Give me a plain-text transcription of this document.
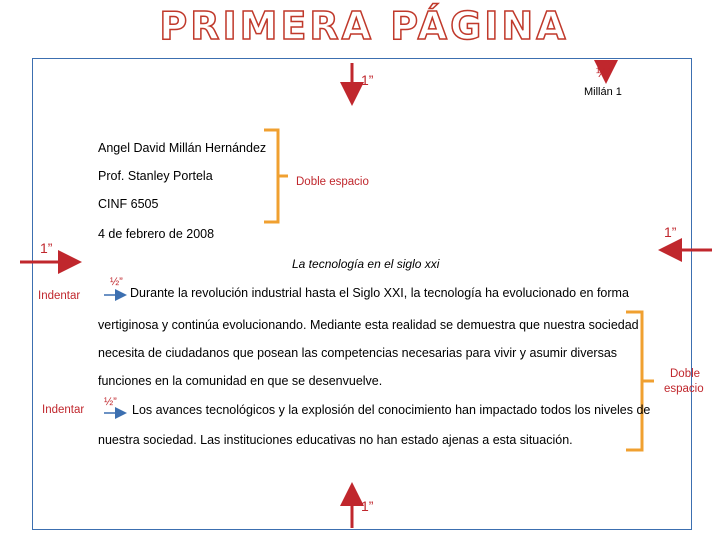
PRIMERA PÁGINA
1”
1”
1”
1”
½”
Millán 1
Angel David Millán Hernández
Prof. Stanley Portela
CINF 6505
4 de febrero de 2008
Doble espacio
La tecnología en el siglo xxi
½”
Indentar
½”
Indentar
Durante la revolución industrial hasta el Siglo XXI, la tecnología ha evolucionado en forma
vertiginosa y continúa evolucionando. Mediante esta realidad se demuestra que nuestra sociedad
necesita de ciudadanos que posean las competencias necesarias para vivir y asumir diversas
funciones en la comunidad en que se desenvuelve.
Los avances tecnológicos y la explosión del conocimiento han impactado todos los niveles de
nuestra sociedad. Las instituciones educativas no han estado ajenas a esta situación.
Doble
espacio
